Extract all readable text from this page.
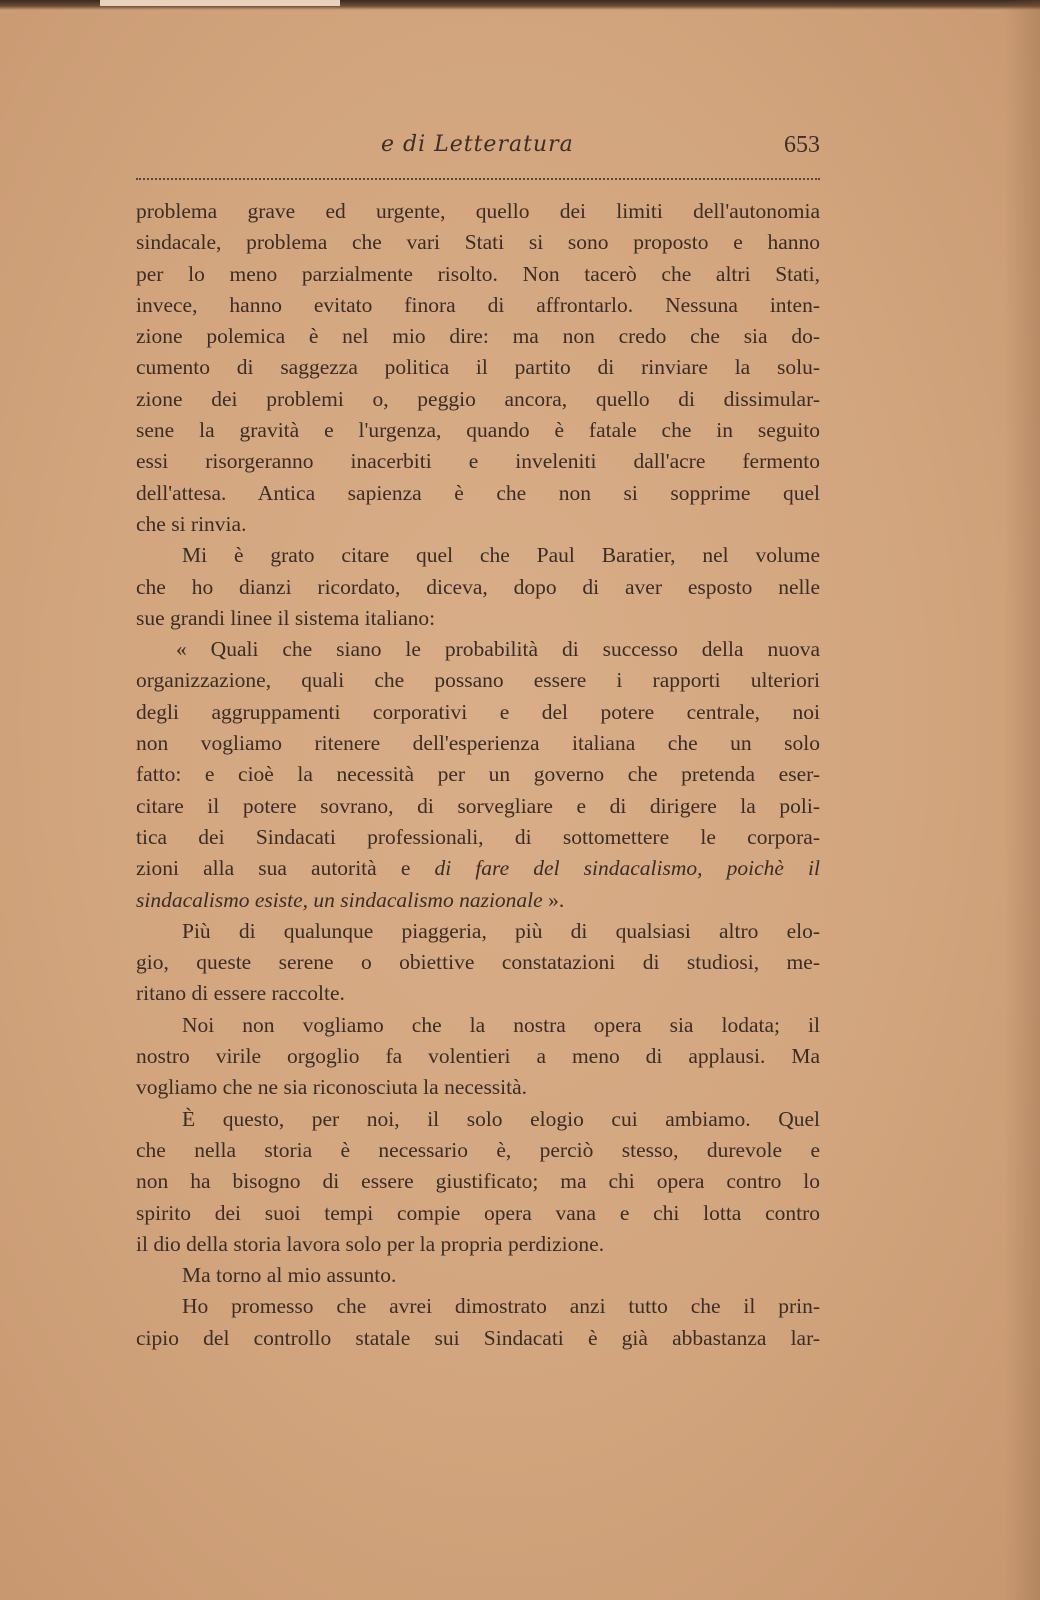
e di Letteratura	653
problema grave ed urgente, quello dei limiti dell'autonomia
sindacale, problema che vari Stati si sono proposto e hanno
per lo meno parzialmente risolto. Non tacerò che altri Stati,
invece, hanno evitato finora di affrontarlo. Nessuna inten-
zione polemica è nel mio dire: ma non credo che sia do-
cumento di saggezza politica il partito di rinviare la solu-
zione dei problemi o, peggio ancora, quello di dissimular-
sene la gravità e l'urgenza, quando è fatale che in seguito
essi risorgeranno inacerbiti e inveleniti dall'acre fermento
dell'attesa. Antica sapienza è che non si sopprime quel
che si rinvia.
Mi è grato citare quel che Paul Baratier, nel volume
che ho dianzi ricordato, diceva, dopo di aver esposto nelle
sue grandi linee il sistema italiano:
« Quali che siano le probabilità di successo della nuova
organizzazione, quali che possano essere i rapporti ulteriori
degli aggruppamenti corporativi e del potere centrale, noi
non vogliamo ritenere dell'esperienza italiana che un solo
fatto: e cioè la necessità per un governo che pretenda eser-
citare il potere sovrano, di sorvegliare e di dirigere la poli-
tica dei Sindacati professionali, di sottomettere le corpora-
zioni alla sua autorità e di fare del sindacalismo, poichè il
sindacalismo esiste, un sindacalismo nazionale ».
Più di qualunque piaggeria, più di qualsiasi altro elo-
gio, queste serene o obiettive constatazioni di studiosi, me-
ritano di essere raccolte.
Noi non vogliamo che la nostra opera sia lodata; il
nostro virile orgoglio fa volentieri a meno di applausi. Ma
vogliamo che ne sia riconosciuta la necessità.
È questo, per noi, il solo elogio cui ambiamo. Quel
che nella storia è necessario è, perciò stesso, durevole e
non ha bisogno di essere giustificato; ma chi opera contro lo
spirito dei suoi tempi compie opera vana e chi lotta contro
il dio della storia lavora solo per la propria perdizione.
Ma torno al mio assunto.
Ho promesso che avrei dimostrato anzi tutto che il prin-
cipio del controllo statale sui Sindacati è già abbastanza lar-
